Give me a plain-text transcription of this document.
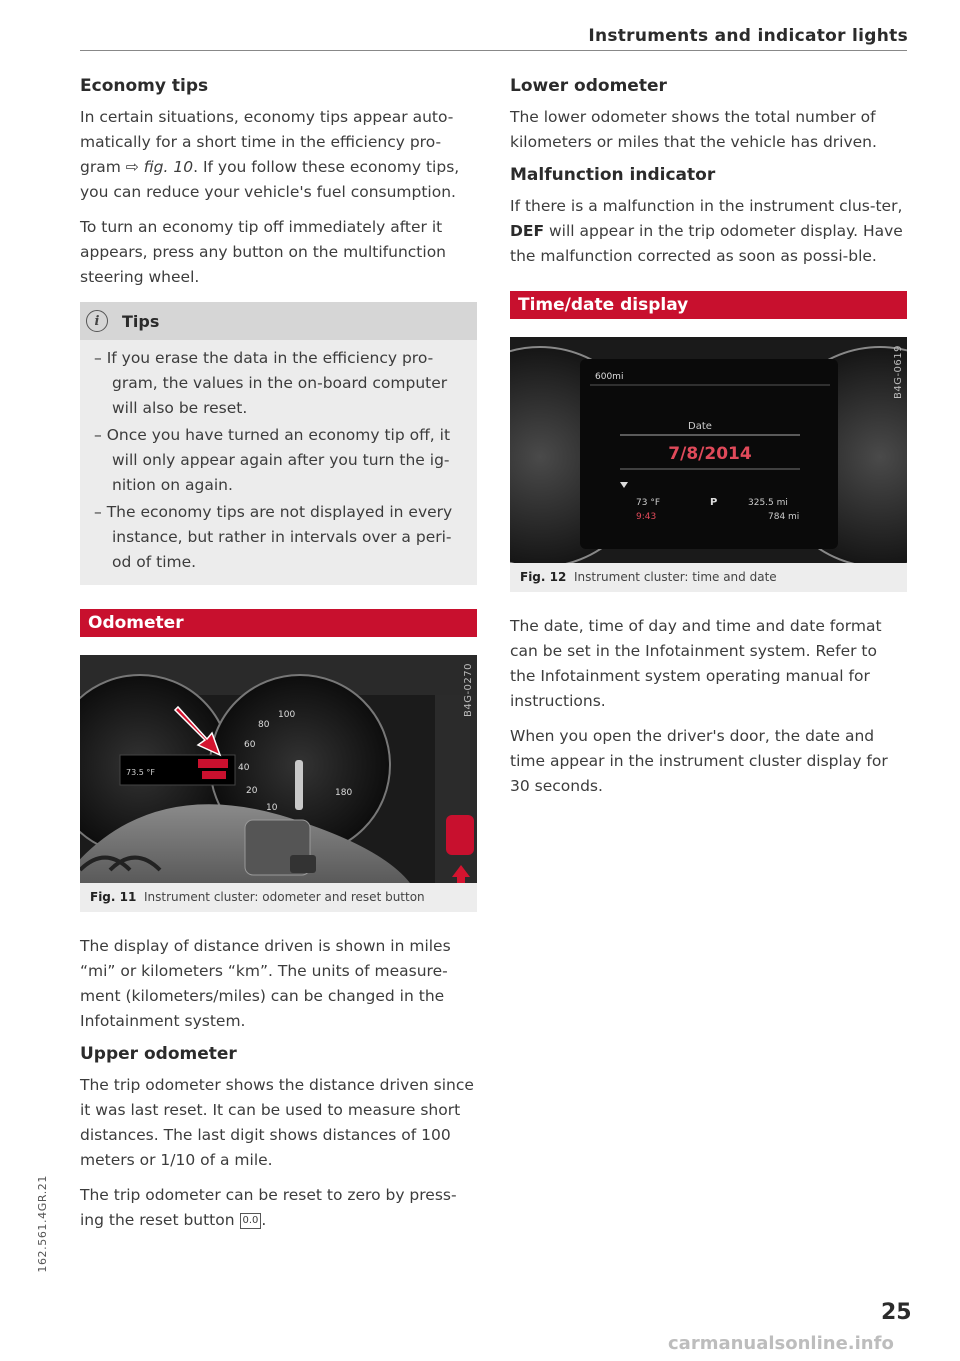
Instruments and indicator lights
Economy tips

In certain situations, economy tips appear auto-matically for a short time in the efficiency pro-gram ⇨ fig. 10. If you follow these economy tips, you can reduce your vehicle's fuel consumption.

To turn an economy tip off immediately after it appears, press any button on the multifunction steering wheel.

i	Tips
– If you erase the data in the efficiency pro-gram, the values in the on-board computer will also be reset.
– Once you have turned an economy tip off, it will only appear again after you turn the ig-nition on again.
– The economy tips are not displayed in every instance, but rather in intervals over a peri-od of time.
Odometer
80
100
60
40
20
10
180
73.5 °F
B4G-0270
Fig. 11 Instrument cluster: odometer and reset button

The display of distance driven is shown in miles “mi” or kilometers “km”. The units of measure-ment (kilometers/miles) can be changed in the Infotainment system.

Upper odometer

The trip odometer shows the distance driven since it was last reset. It can be used to measure short distances. The last digit shows distances of 100 meters or 1/10 of a mile.

The trip odometer can be reset to zero by press-ing the reset button 0.0 .

Lower odometer

The lower odometer shows the total number of kilometers or miles that the vehicle has driven.

Malfunction indicator

If there is a malfunction in the instrument clus-ter, DEF will appear in the trip odometer display. Have the malfunction corrected as soon as possi-ble.

Time/date display
600mi
Date
7/8/2014
73 °F
9:43
P	325.5 mi
784 mi
B4G-0619
Fig. 12 Instrument cluster: time and date

The date, time of day and time and date format can be set in the Infotainment system. Refer to the Infotainment system operating manual for instructions.

When you open the driver's door, the date and time appear in the instrument cluster display for 30 seconds.

162.561.4GR.21
25
carmanualsonline.info
